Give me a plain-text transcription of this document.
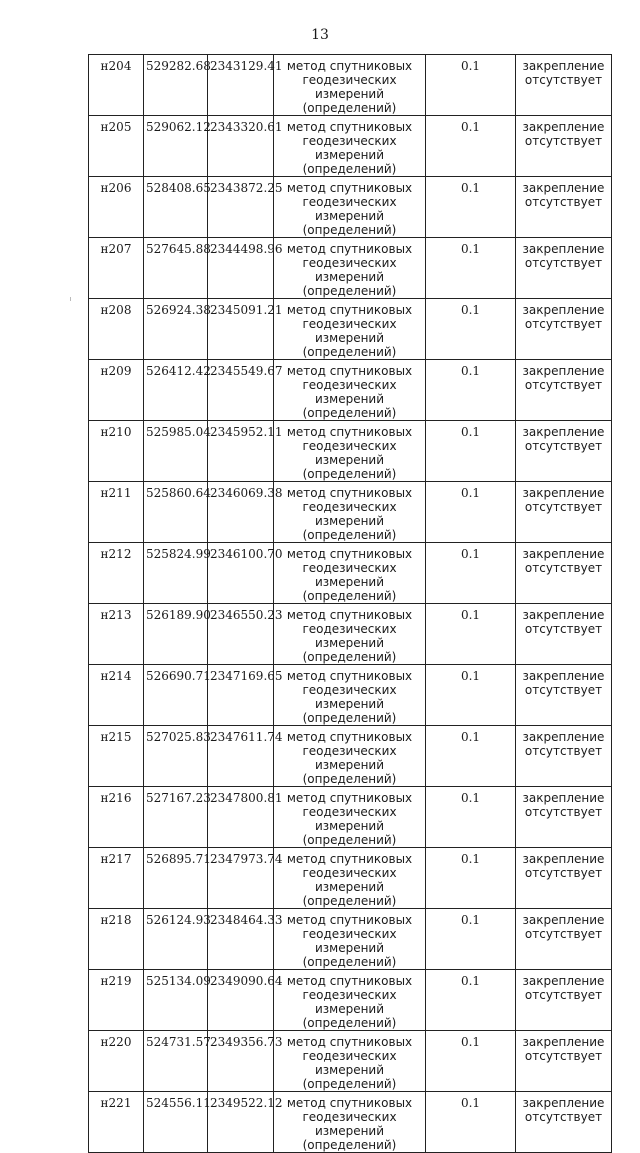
13
н204	529282.68	2343129.41	метод спутниковых геодезических измерений (определений)	0.1	закрепление отсутствует
н205	529062.12	2343320.61	метод спутниковых геодезических измерений (определений)	0.1	закрепление отсутствует
н206	528408.65	2343872.25	метод спутниковых геодезических измерений (определений)	0.1	закрепление отсутствует
н207	527645.88	2344498.96	метод спутниковых геодезических измерений (определений)	0.1	закрепление отсутствует
н208	526924.38	2345091.21	метод спутниковых геодезических измерений (определений)	0.1	закрепление отсутствует
н209	526412.42	2345549.67	метод спутниковых геодезических измерений (определений)	0.1	закрепление отсутствует
н210	525985.04	2345952.11	метод спутниковых геодезических измерений (определений)	0.1	закрепление отсутствует
н211	525860.64	2346069.38	метод спутниковых геодезических измерений (определений)	0.1	закрепление отсутствует
н212	525824.99	2346100.70	метод спутниковых геодезических измерений (определений)	0.1	закрепление отсутствует
н213	526189.90	2346550.23	метод спутниковых геодезических измерений (определений)	0.1	закрепление отсутствует
н214	526690.71	2347169.65	метод спутниковых геодезических измерений (определений)	0.1	закрепление отсутствует
н215	527025.83	2347611.74	метод спутниковых геодезических измерений (определений)	0.1	закрепление отсутствует
н216	527167.23	2347800.81	метод спутниковых геодезических измерений (определений)	0.1	закрепление отсутствует
н217	526895.71	2347973.74	метод спутниковых геодезических измерений (определений)	0.1	закрепление отсутствует
н218	526124.93	2348464.33	метод спутниковых геодезических измерений (определений)	0.1	закрепление отсутствует
н219	525134.09	2349090.64	метод спутниковых геодезических измерений (определений)	0.1	закрепление отсутствует
н220	524731.57	2349356.73	метод спутниковых геодезических измерений (определений)	0.1	закрепление отсутствует
н221	524556.11	2349522.12	метод спутниковых геодезических измерений (определений)	0.1	закрепление отсутствует
